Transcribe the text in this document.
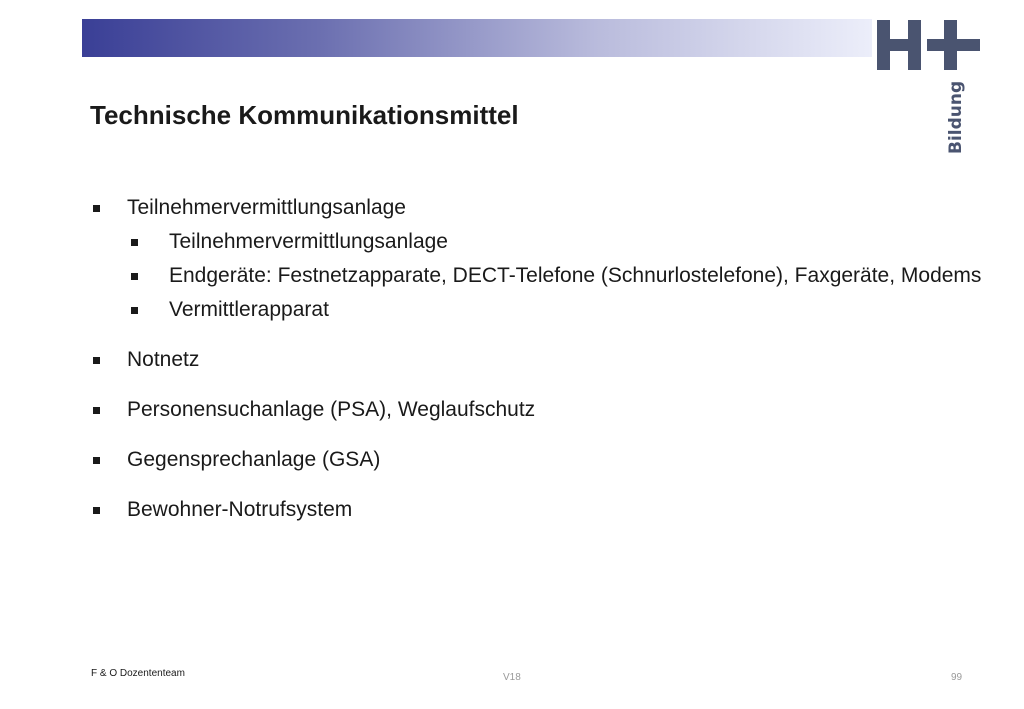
Bildung
Technische Kommunikationsmittel
Teilnehmervermittlungsanlage
Teilnehmervermittlungsanlage
Endgeräte: Festnetzapparate, DECT-Telefone (Schnurlostelefone), Faxgeräte, Modems
Vermittlerapparat
Notnetz
Personensuchanlage (PSA), Weglaufschutz
Gegensprechanlage (GSA)
Bewohner-Notrufsystem
F & O Dozententeam	V18	99
